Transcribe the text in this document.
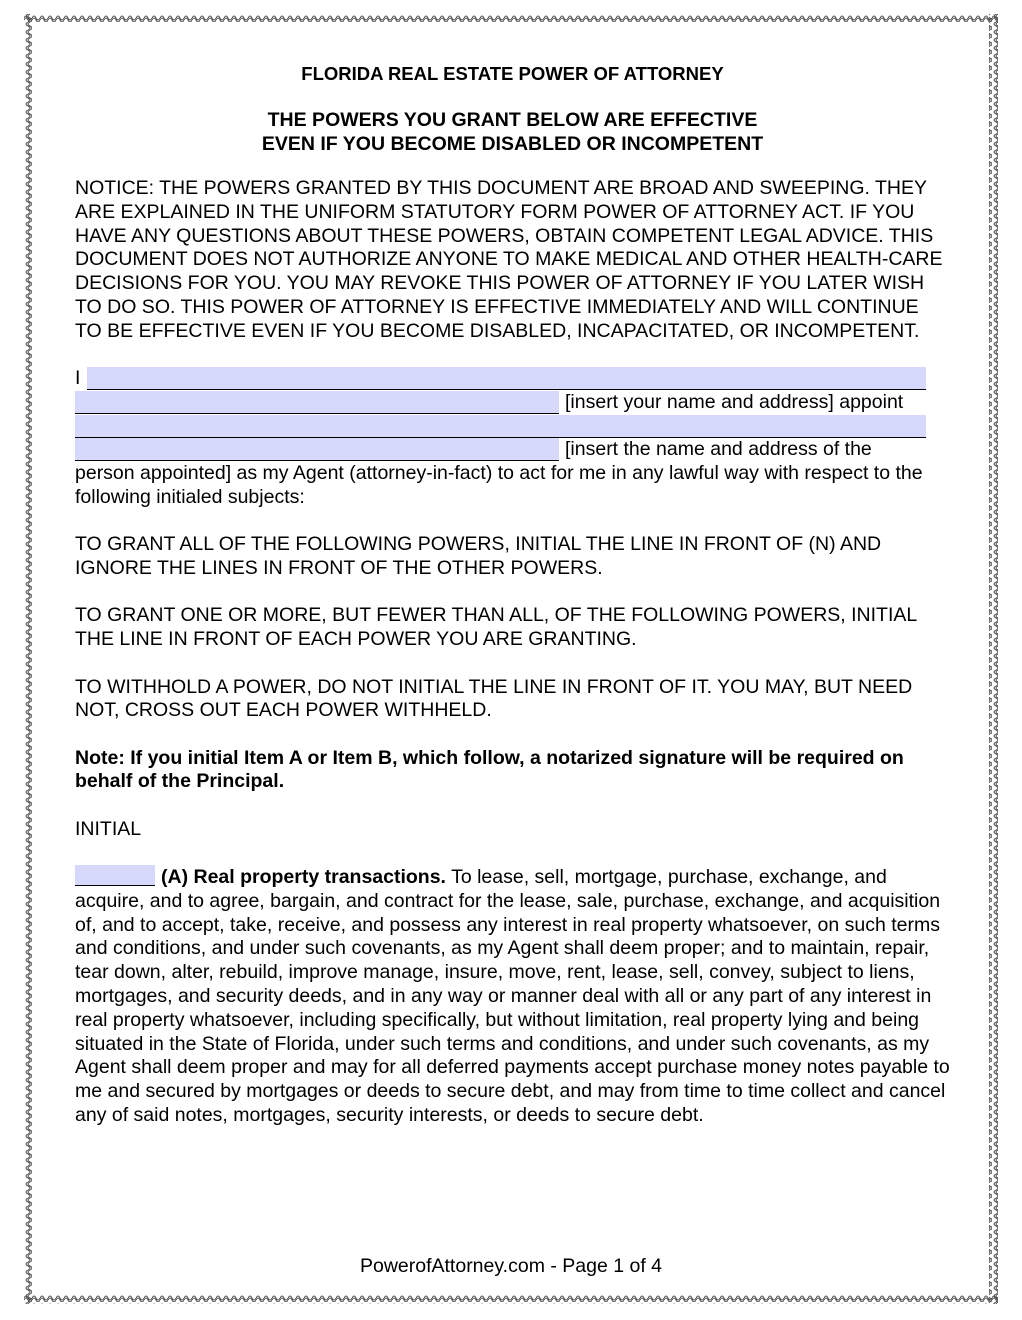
FLORIDA REAL ESTATE POWER OF ATTORNEY
THE POWERS YOU GRANT BELOW ARE EFFECTIVE
EVEN IF YOU BECOME DISABLED OR INCOMPETENT

NOTICE: THE POWERS GRANTED BY THIS DOCUMENT ARE BROAD AND SWEEPING. THEY ARE EXPLAINED IN THE UNIFORM STATUTORY FORM POWER OF ATTORNEY ACT. IF YOU HAVE ANY QUESTIONS ABOUT THESE POWERS, OBTAIN COMPETENT LEGAL ADVICE. THIS DOCUMENT DOES NOT AUTHORIZE ANYONE TO MAKE MEDICAL AND OTHER HEALTH-CARE DECISIONS FOR YOU. YOU MAY REVOKE THIS POWER OF ATTORNEY IF YOU LATER WISH TO DO SO. THIS POWER OF ATTORNEY IS EFFECTIVE IMMEDIATELY AND WILL CONTINUE TO BE EFFECTIVE EVEN IF YOU BECOME DISABLED, INCAPACITATED, OR INCOMPETENT.

I
[insert your name and address] appoint
[insert the name and address of the

person appointed] as my Agent (attorney-in-fact) to act for me in any lawful way with respect to the following initialed subjects:

TO GRANT ALL OF THE FOLLOWING POWERS, INITIAL THE LINE IN FRONT OF (N) AND IGNORE THE LINES IN FRONT OF THE OTHER POWERS.

TO GRANT ONE OR MORE, BUT FEWER THAN ALL, OF THE FOLLOWING POWERS, INITIAL THE LINE IN FRONT OF EACH POWER YOU ARE GRANTING.

TO WITHHOLD A POWER, DO NOT INITIAL THE LINE IN FRONT OF IT. YOU MAY, BUT NEED NOT, CROSS OUT EACH POWER WITHHELD.

Note: If you initial Item A or Item B, which follow, a notarized signature will be required on behalf of the Principal.

INITIAL

(A) Real property transactions. To lease, sell, mortgage, purchase, exchange, and acquire, and to agree, bargain, and contract for the lease, sale, purchase, exchange, and acquisition of, and to accept, take, receive, and possess any interest in real property whatsoever, on such terms and conditions, and under such covenants, as my Agent shall deem proper; and to maintain, repair, tear down, alter, rebuild, improve manage, insure, move, rent, lease, sell, convey, subject to liens, mortgages, and security deeds, and in any way or manner deal with all or any part of any interest in real property whatsoever, including specifically, but without limitation, real property lying and being situated in the State of Florida, under such terms and conditions, and under such covenants, as my Agent shall deem proper and may for all deferred payments accept purchase money notes payable to me and secured by mortgages or deeds to secure debt, and may from time to time collect and cancel any of said notes, mortgages, security interests, or deeds to secure debt.

PowerofAttorney.com - Page 1 of 4
